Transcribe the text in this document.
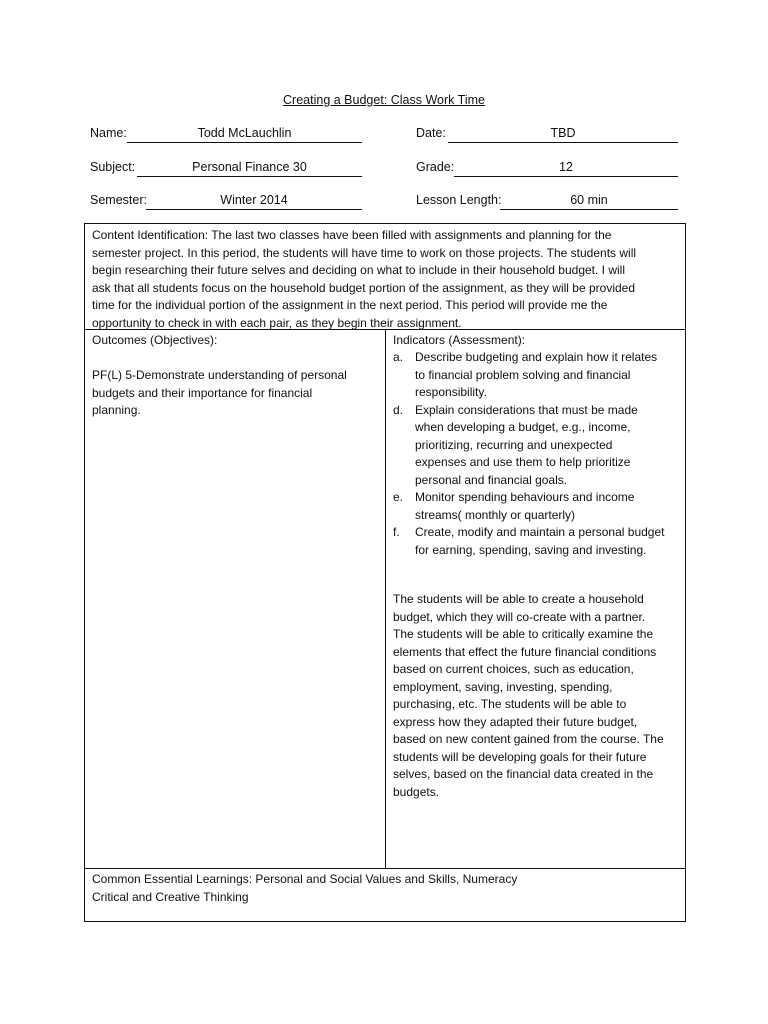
Creating a Budget: Class Work Time
Name:	Todd McLauchlin	Date:	TBD
Subject:	Personal Finance 30	Grade:	12
Semester:	Winter 2014	Lesson Length:	60 min
Content Identification: The last two classes have been filled with assignments and planning for the
semester project. In this period, the students will have time to work on those projects. The students will
begin researching their future selves and deciding on what to include in their household budget. I will
ask that all students focus on the household budget portion of the assignment, as they will be provided
time for the individual portion of the assignment in the next period. This period will provide me the
opportunity to check in with each pair, as they begin their assignment.
Outcomes (Objectives):
PF(L) 5-Demonstrate understanding of personal
budgets and their importance for financial
planning.
Indicators (Assessment):
a. Describe budgeting and explain how it relates
to financial problem solving and financial
responsibility.
d. Explain considerations that must be made
when developing a budget, e.g., income,
prioritizing, recurring and unexpected
expenses and use them to help prioritize
personal and financial goals.
e. Monitor spending behaviours and income
streams( monthly or quarterly)
f. Create, modify and maintain a personal budget
for earning, spending, saving and investing.
The students will be able to create a household
budget, which they will co-create with a partner.
The students will be able to critically examine the
elements that effect the future financial conditions
based on current choices, such as education,
employment, saving, investing, spending,
purchasing, etc. The students will be able to
express how they adapted their future budget,
based on new content gained from the course. The
students will be developing goals for their future
selves, based on the financial data created in the
budgets.
Common Essential Learnings: Personal and Social Values and Skills, Numeracy
Critical and Creative Thinking
